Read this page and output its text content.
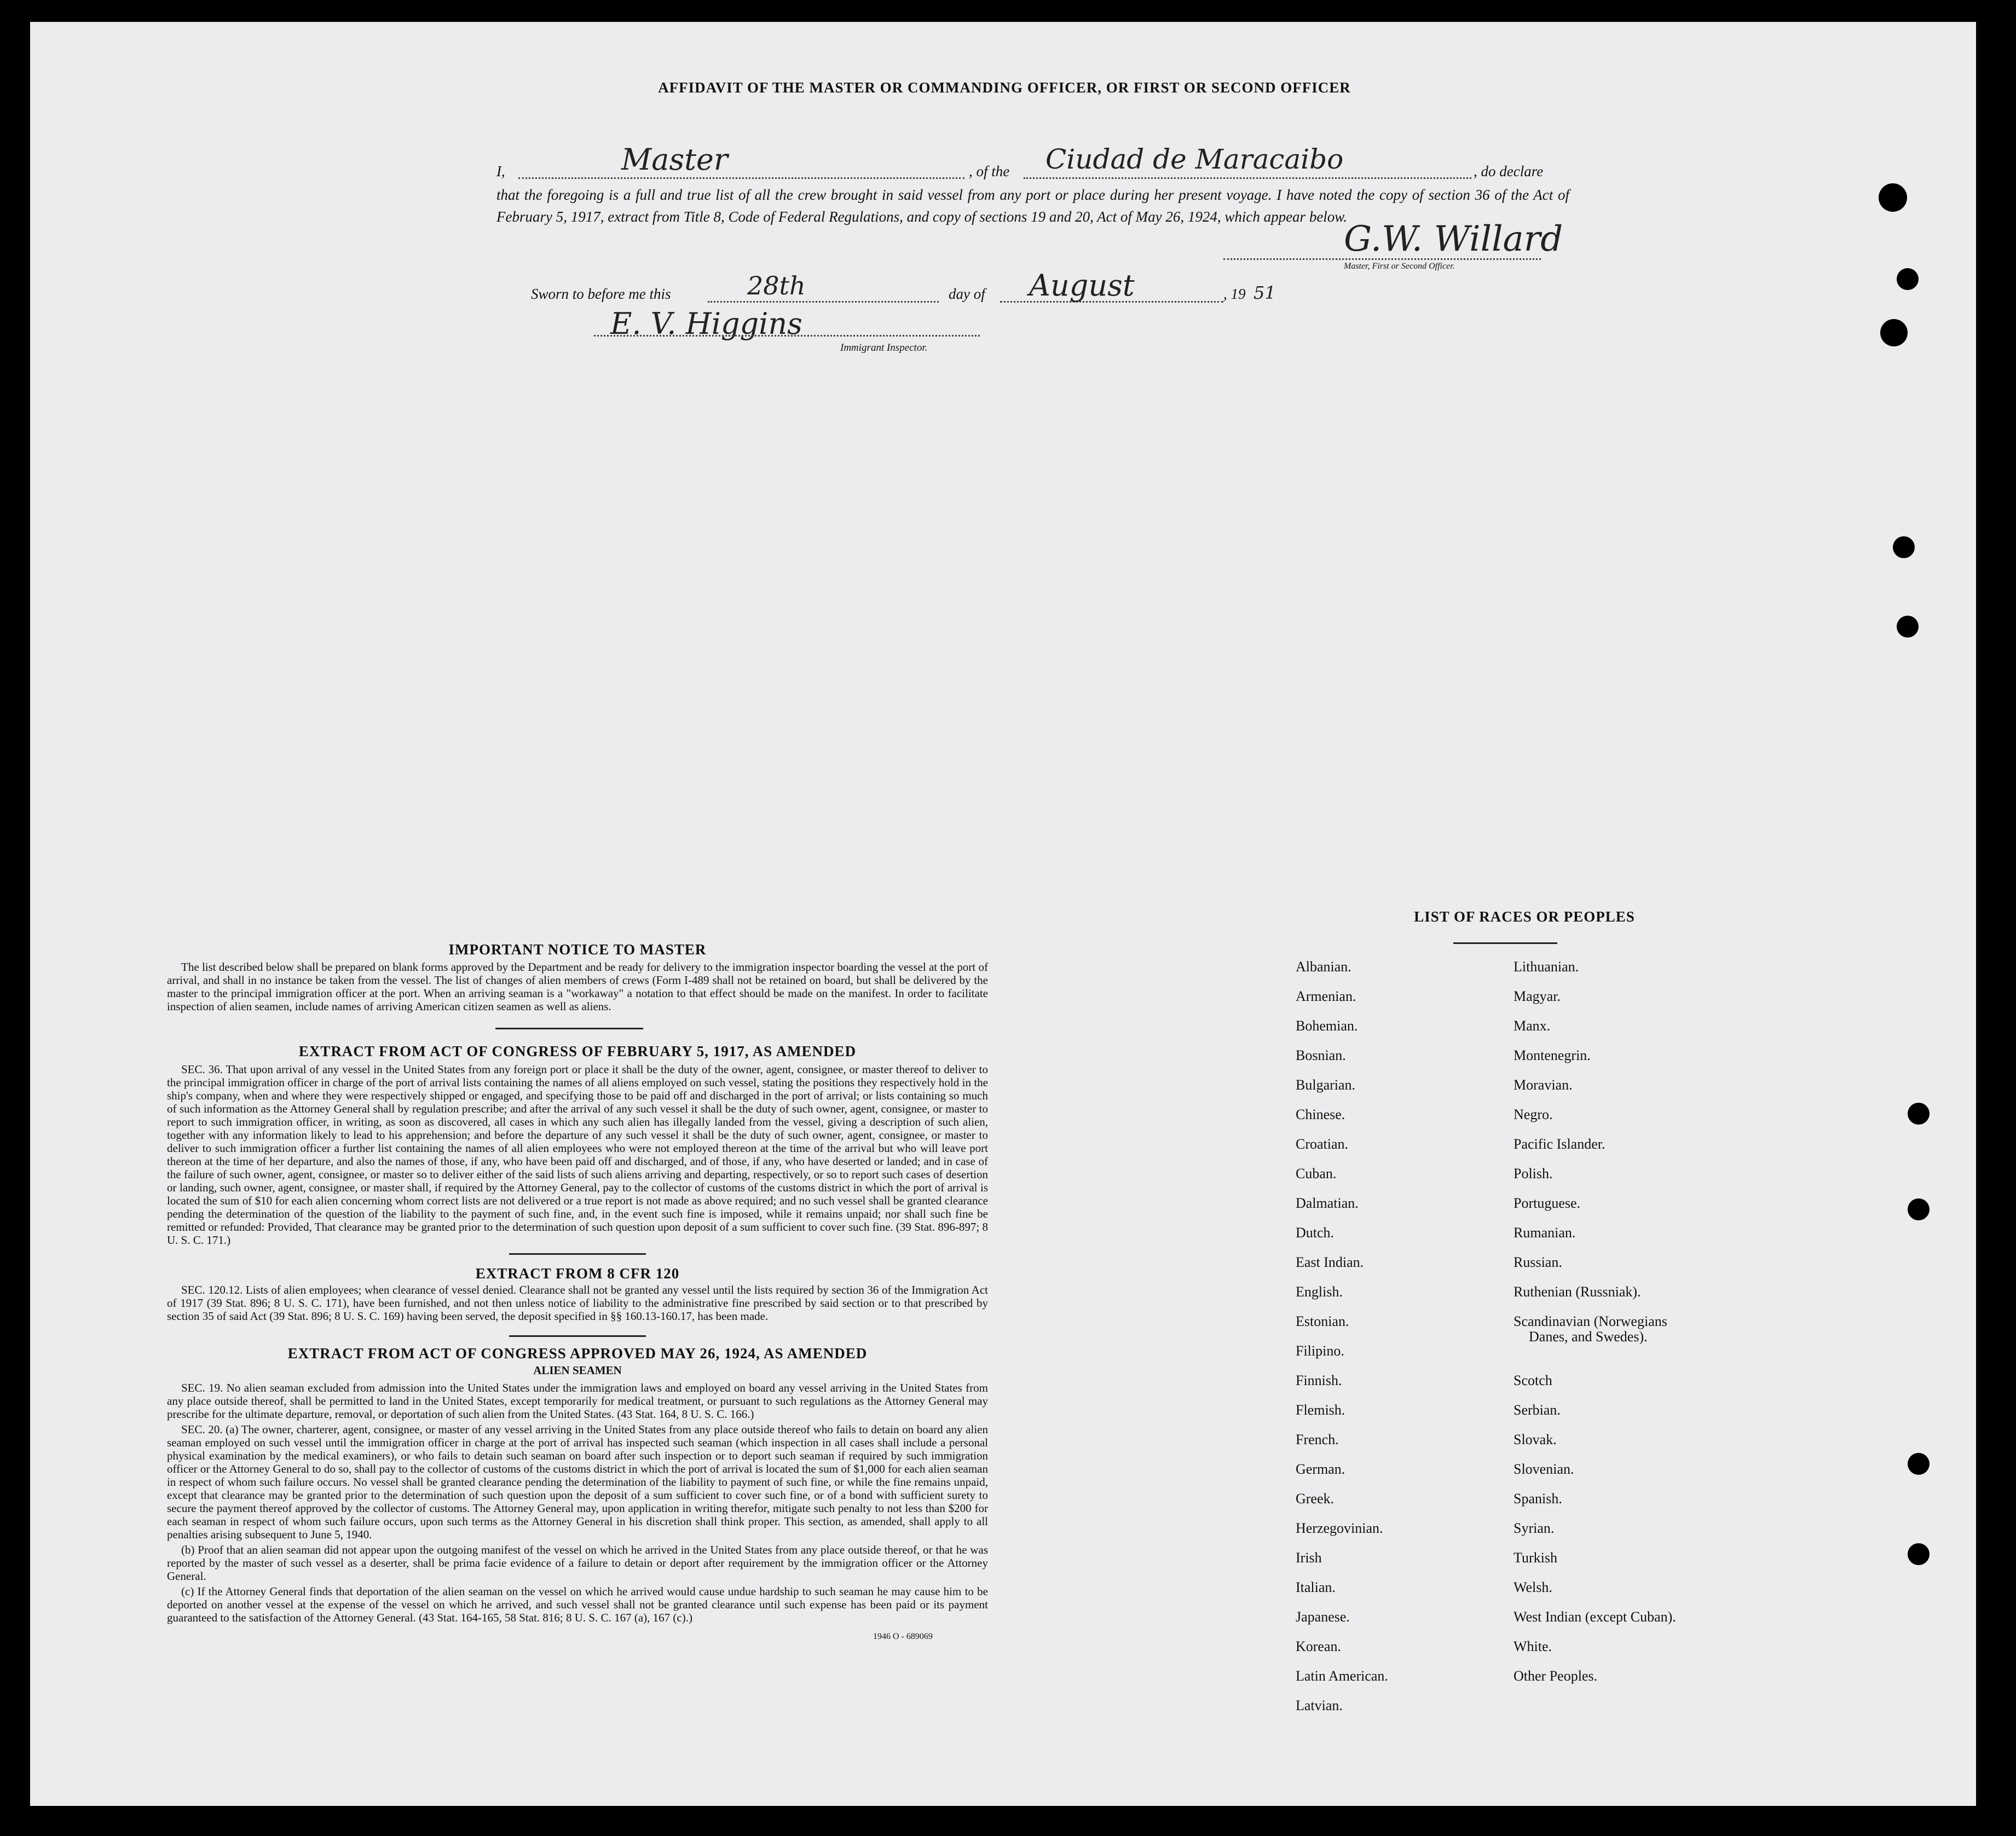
AFFIDAVIT OF THE MASTER OR COMMANDING OFFICER, OR FIRST OR SECOND OFFICER
I,	Master	, of the Ciudad de Maracaibo	, do declare
that the foregoing is a full and true list of all the crew brought in said vessel from any port or place during her present voyage. I have noted the copy of section 36 of the Act of February 5, 1917, extract from Title 8, Code of Federal Regulations, and copy of sections 19 and 20, Act of May 26, 1924, which appear below.
G.W. Willard
Master, First or Second Officer.
Sworn to before me this	28th	day of August	, 19 51
E. V. Higgins
Immigrant Inspector.
IMPORTANT NOTICE TO MASTER

The list described below shall be prepared on blank forms approved by the Department and be ready for delivery to the immigration inspector boarding the vessel at the port of arrival, and shall in no instance be taken from the vessel. The list of changes of alien members of crews (Form I-489 shall not be retained on board, but shall be delivered by the master to the principal immigration officer at the port. When an arriving seaman is a "workaway" a notation to that effect should be made on the manifest. In order to facilitate inspection of alien seamen, include names of arriving American citizen seamen as well as aliens.

EXTRACT FROM ACT OF CONGRESS OF FEBRUARY 5, 1917, AS AMENDED

SEC. 36. That upon arrival of any vessel in the United States from any foreign port or place it shall be the duty of the owner, agent, consignee, or master thereof to deliver to the principal immigration officer in charge of the port of arrival lists containing the names of all aliens employed on such vessel, stating the positions they respectively hold in the ship's company, when and where they were respectively shipped or engaged, and specifying those to be paid off and discharged in the port of arrival; or lists containing so much of such information as the Attorney General shall by regulation prescribe; and after the arrival of any such vessel it shall be the duty of such owner, agent, consignee, or master to report to such immigration officer, in writing, as soon as discovered, all cases in which any such alien has illegally landed from the vessel, giving a description of such alien, together with any information likely to lead to his apprehension; and before the departure of any such vessel it shall be the duty of such owner, agent, consignee, or master to deliver to such immigration officer a further list containing the names of all alien employees who were not employed thereon at the time of the arrival but who will leave port thereon at the time of her departure, and also the names of those, if any, who have been paid off and discharged, and of those, if any, who have deserted or landed; and in case of the failure of such owner, agent, consignee, or master so to deliver either of the said lists of such aliens arriving and departing, respectively, or so to report such cases of desertion or landing, such owner, agent, consignee, or master shall, if required by the Attorney General, pay to the collector of customs of the customs district in which the port of arrival is located the sum of $10 for each alien concerning whom correct lists are not delivered or a true report is not made as above required; and no such vessel shall be granted clearance pending the determination of the question of the liability to the payment of such fine, and, in the event such fine is imposed, while it remains unpaid; nor shall such fine be remitted or refunded: Provided, That clearance may be granted prior to the determination of such question upon deposit of a sum sufficient to cover such fine. (39 Stat. 896-897; 8 U. S. C. 171.)

EXTRACT FROM 8 CFR 120

SEC. 120.12. Lists of alien employees; when clearance of vessel denied. Clearance shall not be granted any vessel until the lists required by section 36 of the Immigration Act of 1917 (39 Stat. 896; 8 U. S. C. 171), have been furnished, and not then unless notice of liability to the administrative fine prescribed by said section or to that prescribed by section 35 of said Act (39 Stat. 896; 8 U. S. C. 169) having been served, the deposit specified in §§ 160.13-160.17, has been made.

EXTRACT FROM ACT OF CONGRESS APPROVED MAY 26, 1924, AS AMENDED
ALIEN SEAMEN

SEC. 19. No alien seaman excluded from admission into the United States under the immigration laws and employed on board any vessel arriving in the United States from any place outside thereof, shall be permitted to land in the United States, except temporarily for medical treatment, or pursuant to such regulations as the Attorney General may prescribe for the ultimate departure, removal, or deportation of such alien from the United States. (43 Stat. 164, 8 U. S. C. 166.)

SEC. 20. (a) The owner, charterer, agent, consignee, or master of any vessel arriving in the United States from any place outside thereof who fails to detain on board any alien seaman employed on such vessel until the immigration officer in charge at the port of arrival has inspected such seaman (which inspection in all cases shall include a personal physical examination by the medical examiners), or who fails to detain such seaman on board after such inspection or to deport such seaman if required by such immigration officer or the Attorney General to do so, shall pay to the collector of customs of the customs district in which the port of arrival is located the sum of $1,000 for each alien seaman in respect of whom such failure occurs. No vessel shall be granted clearance pending the determination of the liability to payment of such fine, or while the fine remains unpaid, except that clearance may be granted prior to the determination of such question upon the deposit of a sum sufficient to cover such fine, or of a bond with sufficient surety to secure the payment thereof approved by the collector of customs. The Attorney General may, upon application in writing therefor, mitigate such penalty to not less than $200 for each seaman in respect of whom such failure occurs, upon such terms as the Attorney General in his discretion shall think proper. This section, as amended, shall apply to all penalties arising subsequent to June 5, 1940.

(b) Proof that an alien seaman did not appear upon the outgoing manifest of the vessel on which he arrived in the United States from any place outside thereof, or that he was reported by the master of such vessel as a deserter, shall be prima facie evidence of a failure to detain or deport after requirement by the immigration officer or the Attorney General.

(c) If the Attorney General finds that deportation of the alien seaman on the vessel on which he arrived would cause undue hardship to such seaman he may cause him to be deported on another vessel at the expense of the vessel on which he arrived, and such vessel shall not be granted clearance until such expense has been paid or its payment guaranteed to the satisfaction of the Attorney General. (43 Stat. 164-165, 58 Stat. 816; 8 U. S. C. 167 (a), 167 (c).)

1946 O - 689069
LIST OF RACES OR PEOPLES
Albanian.
Armenian.
Bohemian.
Bosnian.
Bulgarian.
Chinese.
Croatian.
Cuban.
Dalmatian.
Dutch.
East Indian.
English.
Estonian.
Filipino.
Finnish.
Flemish.
French.
German.
Greek.
Herzegovinian.
Irish
Italian.
Japanese.
Korean.
Latin American.
Latvian.
Lithuanian.
Magyar.
Manx.
Montenegrin.
Moravian.
Negro.
Pacific Islander.
Polish.
Portuguese.
Rumanian.
Russian.
Ruthenian (Russniak).
Scandinavian (Norwegians
Danes, and Swedes).
Scotch
Serbian.
Slovak.
Slovenian.
Spanish.
Syrian.
Turkish
Welsh.
West Indian (except Cuban).
White.
Other Peoples.
